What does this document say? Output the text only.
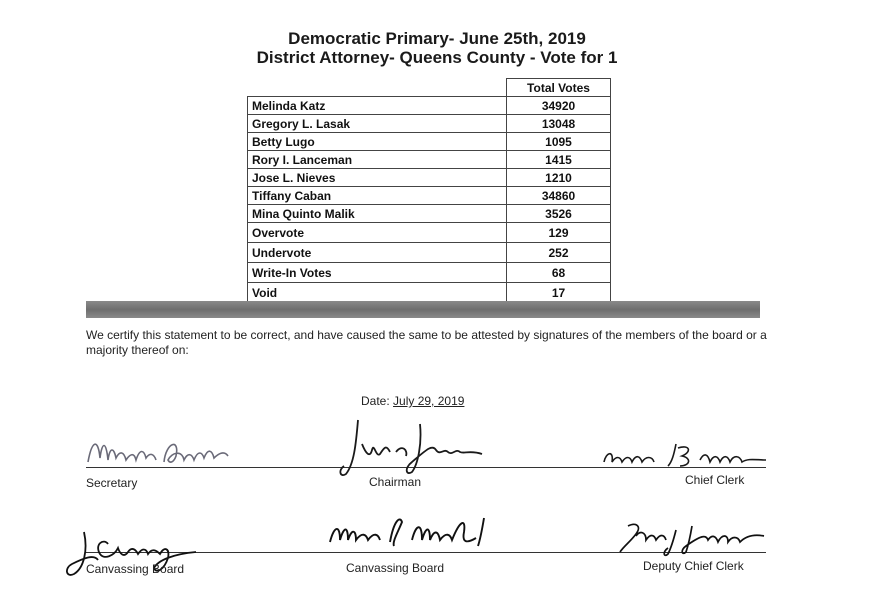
Democratic Primary- June 25th, 2019
District Attorney- Queens County - Vote for 1
	Total Votes
Melinda Katz	34920
Gregory L. Lasak	13048
Betty Lugo	1095
Rory I. Lanceman	1415
Jose L. Nieves	1210
Tiffany Caban	34860
Mina Quinto Malik	3526
Overvote	129
Undervote	252
Write-In Votes	68
Void	17
We certify this statement to be correct, and have caused the same to be attested by signatures of the members of the board or a majority thereof on:
Date: July 29, 2019
Secretary	Chairman	Chief Clerk
Canvassing Board	Canvassing Board	Deputy Chief Clerk
